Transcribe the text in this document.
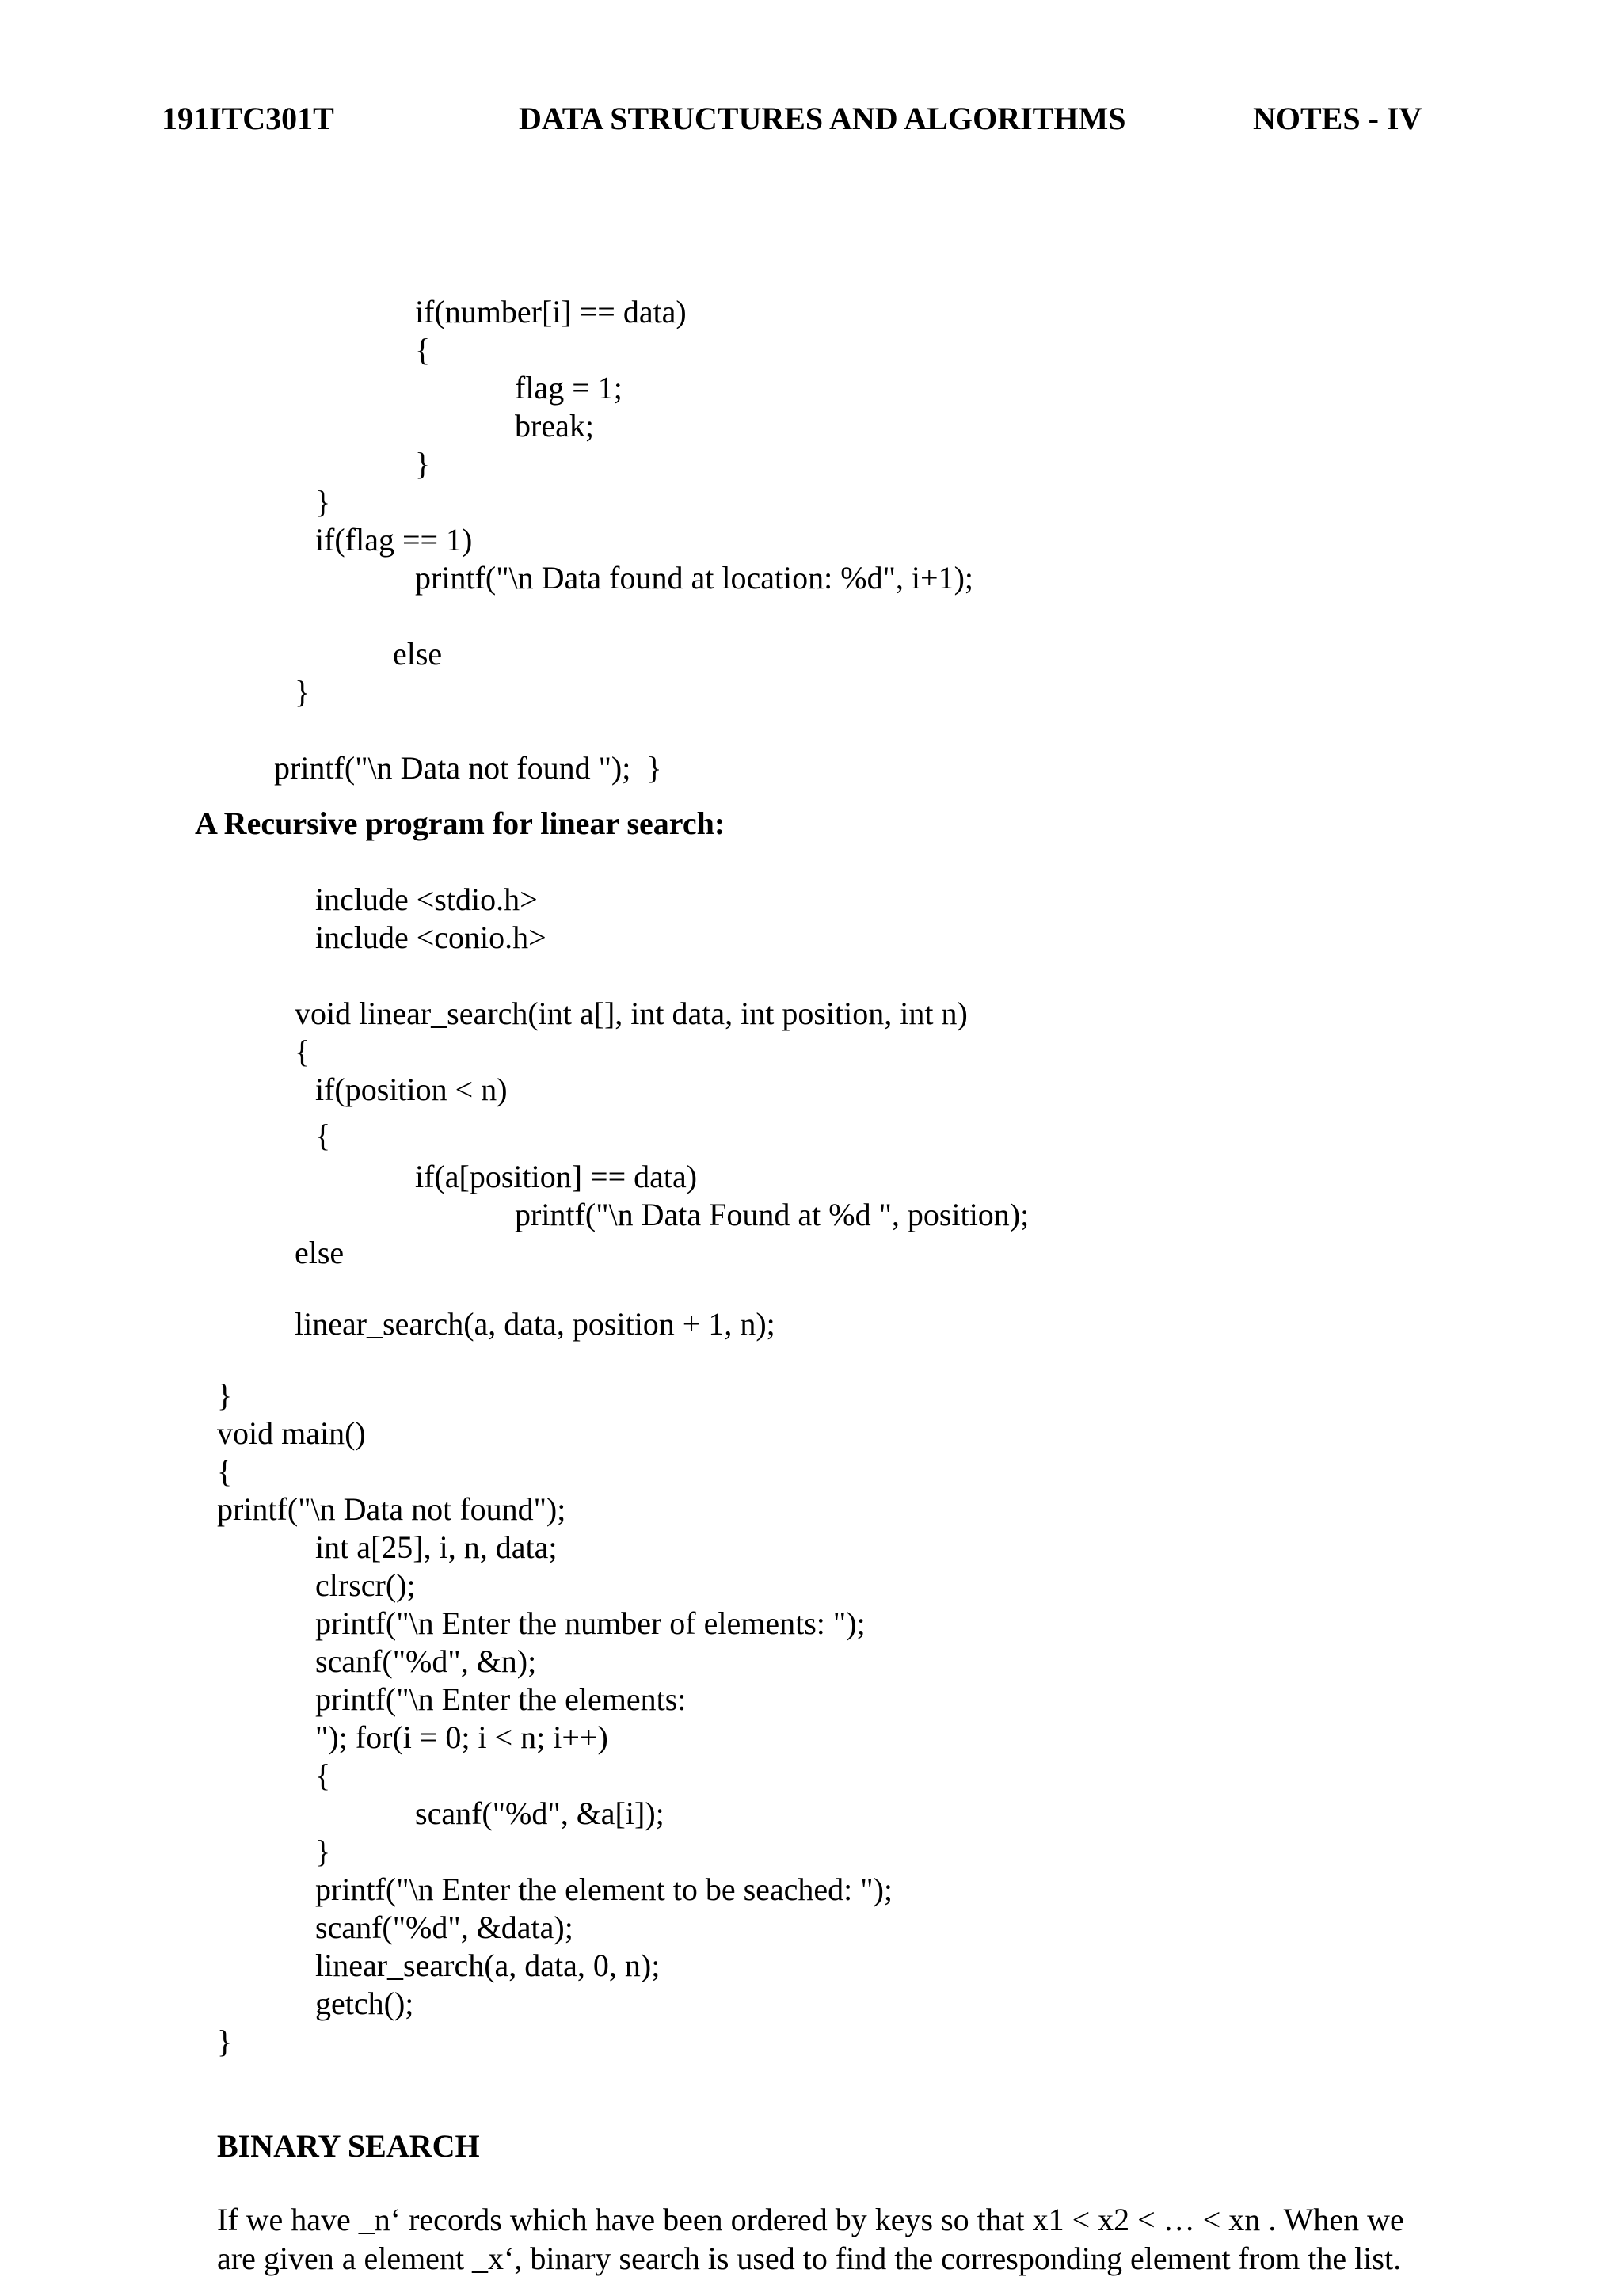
191ITC301T	DATA STRUCTURES AND ALGORITHMS	NOTES - IV
if(number[i] == data)
{
flag = 1;
break;
}
}
if(flag == 1)
printf("\n Data found at location: %d", i+1);
else
}
printf("\n Data not found ");  }
A Recursive program for linear search:
include <stdio.h>
include <conio.h>
void linear_search(int a[], int data, int position, int n)
{
if(position < n)
{
if(a[position] == data)
printf("\n Data Found at %d ", position);
else
linear_search(a, data, position + 1, n);
}
void main()
{
printf("\n Data not found");
int a[25], i, n, data;
clrscr();
printf("\n Enter the number of elements: ");
scanf("%d", &n);
printf("\n Enter the elements:
"); for(i = 0; i < n; i++)
{
scanf("%d", &a[i]);
}
printf("\n Enter the element to be seached: ");
scanf("%d", &data);
linear_search(a, data, 0, n);
getch();
}
BINARY SEARCH
If we have _n‘ records which have been ordered by keys so that x1 < x2 < … < xn . When we
are given a element _x‘, binary search is used to find the corresponding element from the list.
